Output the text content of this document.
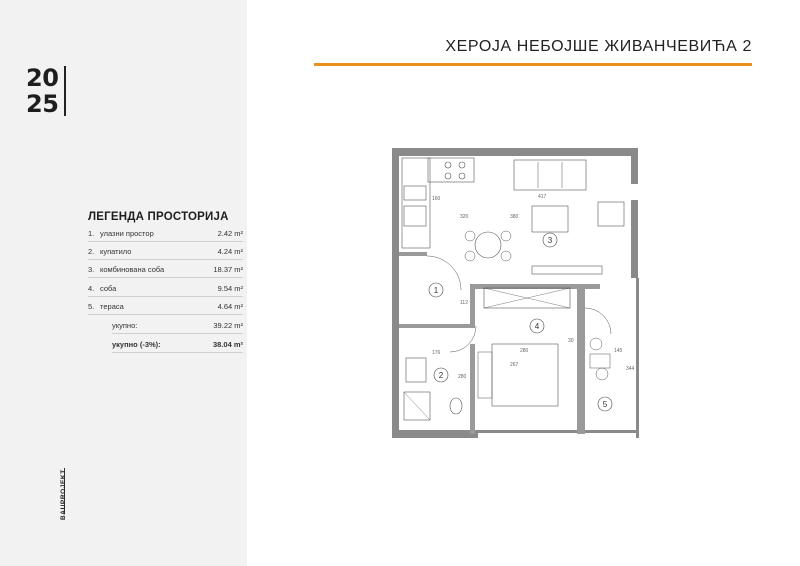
20
25
ЛЕГЕНДА ПРОСТОРИЈА
1. улазни простор	2.42 m²
2. купатило	4.24 m²
3. комбинована соба	18.37 m²
4. соба	9.54 m²
5. тераса	4.64 m²
укупно:	39.22 m²
укупно (-3%):	38.04 m²
BAUPROJEKT
ХЕРОЈА НЕБОЈШЕ ЖИВАНЧЕВИЋА 2
1
2
3
4
5
160	417
320	380
176	280
267
30
145
344
280
112
